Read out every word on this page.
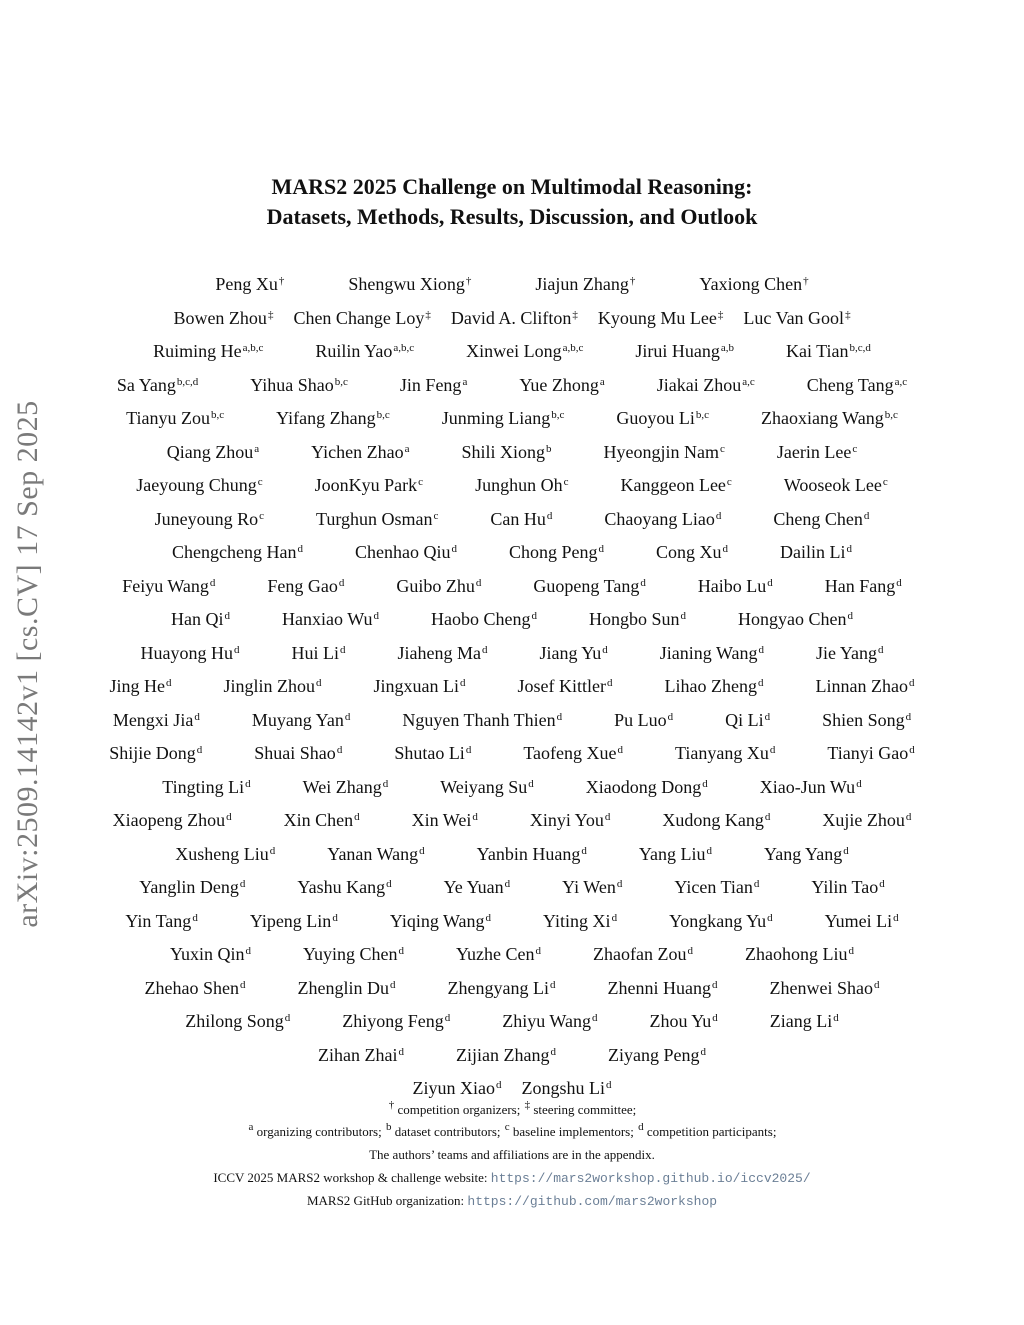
arXiv:2509.14142v1 [cs.CV] 17 Sep 2025
MARS2 2025 Challenge on Multimodal Reasoning:
Datasets, Methods, Results, Discussion, and Outlook
Peng Xu†	Shengwu Xiong†	Jiajun Zhang†	Yaxiong Chen†
Bowen Zhou‡ Chen Change Loy‡ David A. Clifton‡ Kyoung Mu Lee‡ Luc Van Gool‡
Ruiming He$^{a,b,c}$	Ruilin Yao$^{a,b,c}$	Xinwei Long$^{a,b,c}$	Jirui Huang$^{a,b}$	Kai Tian$^{b,c,d}$
Sa Yang$^{b,c,d}$	Yihua Shao$^{b,c}$	Jin Feng$^a$	Yue Zhong$^a$	Jiakai Zhou$^{a,c}$	Cheng Tang$^{a,c}$
Tianyu Zou$^{b,c}$	Yifang Zhang$^{b,c}$	Junming Liang$^{b,c}$	Guoyou Li$^{b,c}$	Zhaoxiang Wang$^{b,c}$
Qiang Zhou$^a$	Yichen Zhao$^a$	Shili Xiong$^b$	Hyeongjin Nam$^c$	Jaerin Lee$^c$
Jaeyoung Chung$^c$	JoonKyu Park$^c$	Junghun Oh$^c$	Kanggeon Lee$^c$	Wooseok Lee$^c$
Juneyoung Ro$^c$	Turghun Osman$^c$	Can Hu$^d$	Chaoyang Liao$^d$	Cheng Chen$^d$
Chengcheng Han$^d$	Chenhao Qiu$^d$	Chong Peng$^d$	Cong Xu$^d$	Dailin Li$^d$
Feiyu Wang$^d$	Feng Gao$^d$	Guibo Zhu$^d$	Guopeng Tang$^d$	Haibo Lu$^d$	Han Fang$^d$
Han Qi$^d$	Hanxiao Wu$^d$	Haobo Cheng$^d$	Hongbo Sun$^d$	Hongyao Chen$^d$
Huayong Hu$^d$	Hui Li$^d$	Jiaheng Ma$^d$	Jiang Yu$^d$	Jianing Wang$^d$	Jie Yang$^d$
Jing He$^d$	Jinglin Zhou$^d$	Jingxuan Li$^d$	Josef Kittler$^d$	Lihao Zheng$^d$	Linnan Zhao$^d$
Mengxi Jia$^d$	Muyang Yan$^d$	Nguyen Thanh Thien$^d$	Pu Luo$^d$	Qi Li$^d$	Shien Song$^d$
Shijie Dong$^d$	Shuai Shao$^d$	Shutao Li$^d$	Taofeng Xue$^d$	Tianyang Xu$^d$	Tianyi Gao$^d$
Tingting Li$^d$	Wei Zhang$^d$	Weiyang Su$^d$	Xiaodong Dong$^d$	Xiao-Jun Wu$^d$
Xiaopeng Zhou$^d$	Xin Chen$^d$	Xin Wei$^d$	Xinyi You$^d$	Xudong Kang$^d$	Xujie Zhou$^d$
Xusheng Liu$^d$	Yanan Wang$^d$	Yanbin Huang$^d$	Yang Liu$^d$	Yang Yang$^d$
Yanglin Deng$^d$	Yashu Kang$^d$	Ye Yuan$^d$	Yi Wen$^d$	Yicen Tian$^d$	Yilin Tao$^d$
Yin Tang$^d$	Yipeng Lin$^d$	Yiqing Wang$^d$	Yiting Xi$^d$	Yongkang Yu$^d$	Yumei Li$^d$
Yuxin Qin$^d$	Yuying Chen$^d$	Yuzhe Cen$^d$	Zhaofan Zou$^d$	Zhaohong Liu$^d$
Zhehao Shen$^d$	Zhenglin Du$^d$	Zhengyang Li$^d$	Zhenni Huang$^d$	Zhenwei Shao$^d$
Zhilong Song$^d$	Zhiyong Feng$^d$	Zhiyu Wang$^d$	Zhou Yu$^d$	Ziang Li$^d$
Zihan Zhai$^d$	Zijian Zhang$^d$	Ziyang Peng$^d$
Ziyun Xiao$^d$ Zongshu Li$^d$
† competition organizers; ‡ steering committee;
$^a$ organizing contributors; $^b$ dataset contributors; $^c$ baseline implementors; $^d$ competition participants;
The authors’ teams and affiliations are in the appendix.
ICCV 2025 MARS2 workshop & challenge website: https://mars2workshop.github.io/iccv2025/
MARS2 GitHub organization: https://github.com/mars2workshop
